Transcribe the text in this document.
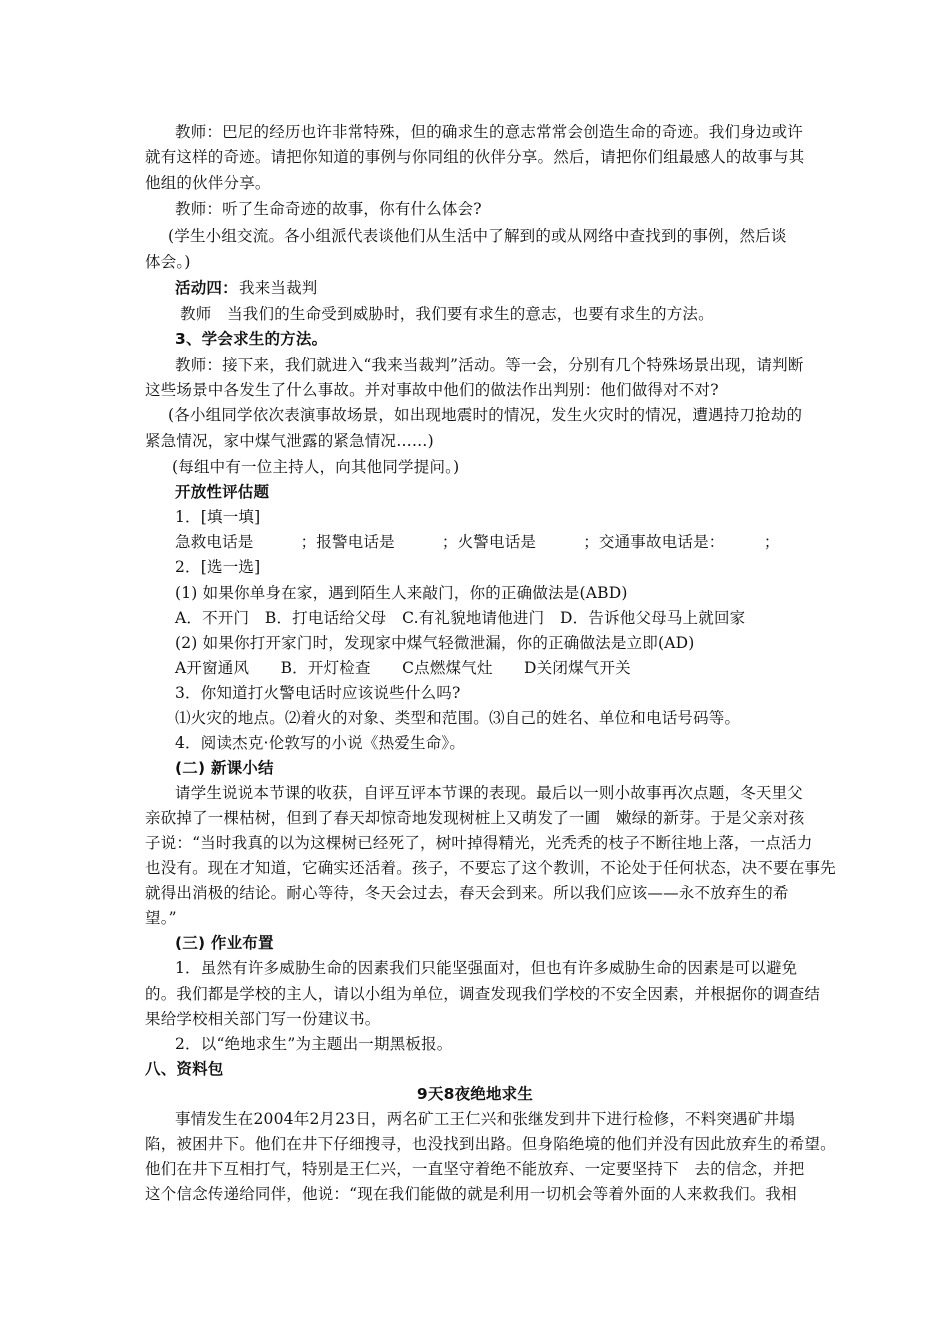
教师：巴尼的经历也许非常特殊，但的确求生的意志常常会创造生命的奇迹。我们身边或许

就有这样的奇迹。请把你知道的事例与你同组的伙伴分享。然后，请把你们组最感人的故事与其

他组的伙伴分享。

教师：听了生命奇迹的故事，你有什么体会?

(学生小组交流。各小组派代表谈他们从生活中了解到的或从网络中查找到的事例，然后谈

体会。)

活动四： 我来当裁判

教师　当我们的生命受到威胁时，我们要有求生的意志，也要有求生的方法。

3、学会求生的方法。

教师：接下来，我们就进入“我来当裁判”活动。等一会，分别有几个特殊场景出现，请判断

这些场景中各发生了什么事故。并对事故中他们的做法作出判别：他们做得对不对?

(各小组同学依次表演事故场景，如出现地震时的情况，发生火灾时的情况，遭遇持刀抢劫的

紧急情况，家中煤气泄露的紧急情况……)

(每组中有一位主持人，向其他同学提问。)

开放性评估题

1．[填一填]

急救电话是　　　；报警电话是　　　；火警电话是　　　；交通事故电话是：　　　；

2．[选一选]

(1) 如果你单身在家，遇到陌生人来敲门，你的正确做法是(ABD)

A．不开门　B．打电话给父母　C.有礼貌地请他进门　D．告诉他父母马上就回家

(2) 如果你打开家门时，发现家中煤气轻微泄漏，你的正确做法是立即(AD)

A开窗通风　　B．开灯检查　　C点燃煤气灶　　D关闭煤气开关

3．你知道打火警电话时应该说些什么吗?

⑴火灾的地点。⑵着火的对象、类型和范围。⑶自己的姓名、单位和电话号码等。

4．阅读杰克·伦敦写的小说《热爱生命》。

(二) 新课小结

请学生说说本节课的收获，自评互评本节课的表现。最后以一则小故事再次点题，冬天里父

亲砍掉了一棵枯树，但到了春天却惊奇地发现树桩上又萌发了一圃　嫩绿的新芽。于是父亲对孩

子说：“当时我真的以为这棵树已经死了，树叶掉得精光，光秃秃的枝子不断往地上落，一点活力

也没有。现在才知道，它确实还活着。孩子，不要忘了这个教训，不论处于任何状态，决不要在事先

就得出消极的结论。耐心等待，冬天会过去，春天会到来。所以我们应该——永不放弃生的希

望。”

(三) 作业布置

1．虽然有许多威胁生命的因素我们只能坚强面对，但也有许多威胁生命的因素是可以避免

的。我们都是学校的主人，请以小组为单位，调查发现我们学校的不安全因素，并根据你的调查结

果给学校相关部门写一份建议书。

2．以“绝地求生”为主题出一期黑板报。

八、资料包

9天8夜绝地求生

事情发生在2004年2月23日，两名矿工王仁兴和张继发到井下进行检修，不料突遇矿井塌

陷，被困井下。他们在井下仔细搜寻，也没找到出路。但身陷绝境的他们并没有因此放弃生的希望。

他们在井下互相打气，特别是王仁兴，一直坚守着绝不能放弃、一定要坚持下　去的信念，并把

这个信念传递给同伴，他说：“现在我们能做的就是利用一切机会等着外面的人来救我们。我相
